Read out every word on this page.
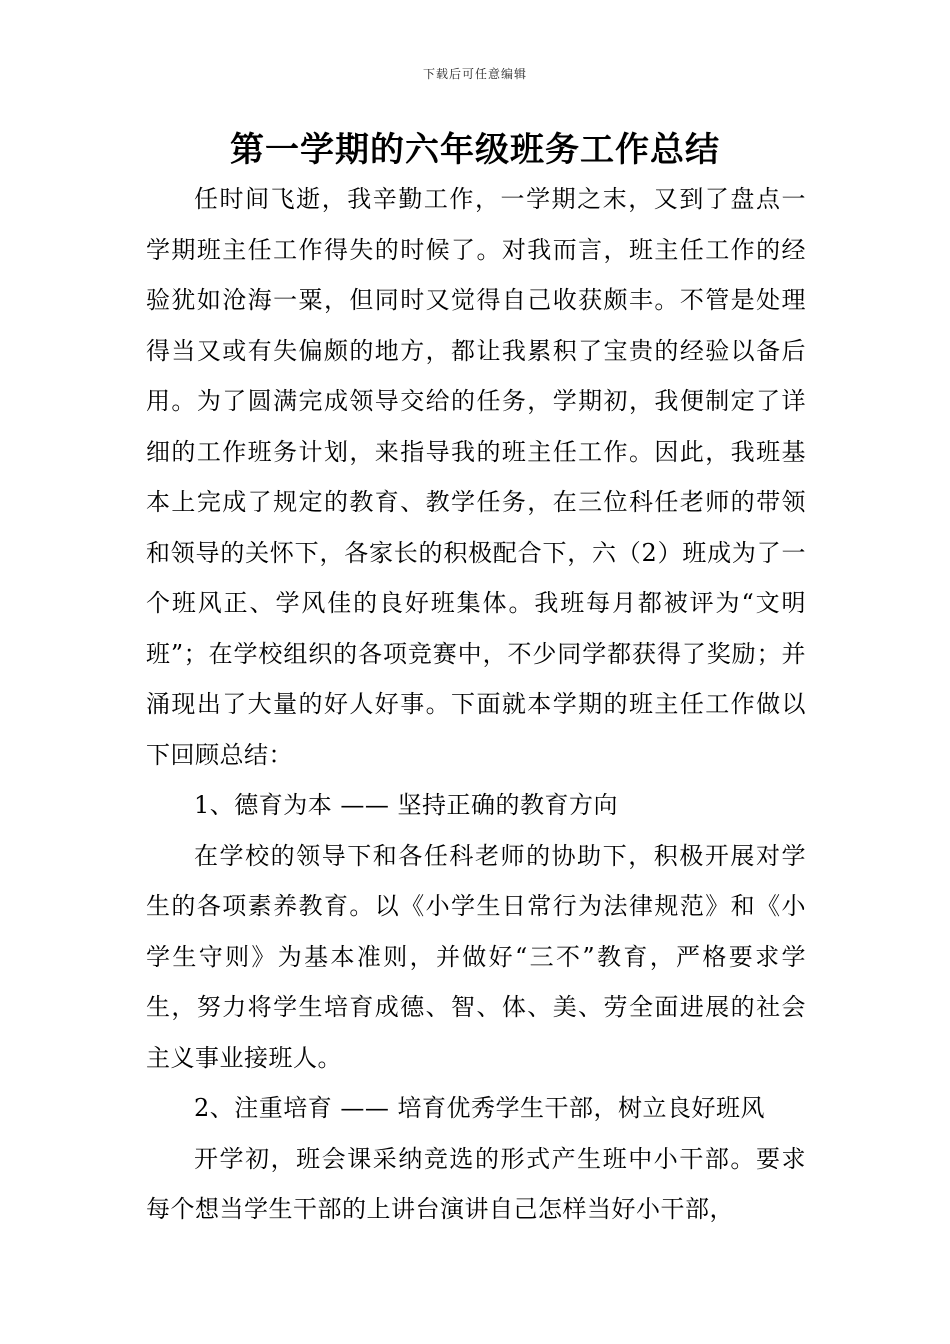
下载后可任意编辑
第一学期的六年级班务工作总结

任时间飞逝，我辛勤工作，一学期之末，又到了盘点一学期班主任工作得失的时候了。对我而言，班主任工作的经验犹如沧海一粟，但同时又觉得自己收获颇丰。不管是处理得当又或有失偏颇的地方，都让我累积了宝贵的经验以备后用。为了圆满完成领导交给的任务，学期初，我便制定了详细的工作班务计划，来指导我的班主任工作。因此，我班基本上完成了规定的教育、教学任务，在三位科任老师的带领和领导的关怀下，各家长的积极配合下，六（2）班成为了一个班风正、学风佳的良好班集体。我班每月都被评为“文明班”；在学校组织的各项竞赛中，不少同学都获得了奖励；并涌现出了大量的好人好事。下面就本学期的班主任工作做以下回顾总结：

1、德育为本 —— 坚持正确的教育方向

在学校的领导下和各任科老师的协助下，积极开展对学生的各项素养教育。以《小学生日常行为法律规范》和《小学生守则》为基本准则，并做好“三不”教育，严格要求学生，努力将学生培育成德、智、体、美、劳全面进展的社会主义事业接班人。

2、注重培育 —— 培育优秀学生干部，树立良好班风

开学初，班会课采纳竞选的形式产生班中小干部。要求每个想当学生干部的上讲台演讲自己怎样当好小干部，
